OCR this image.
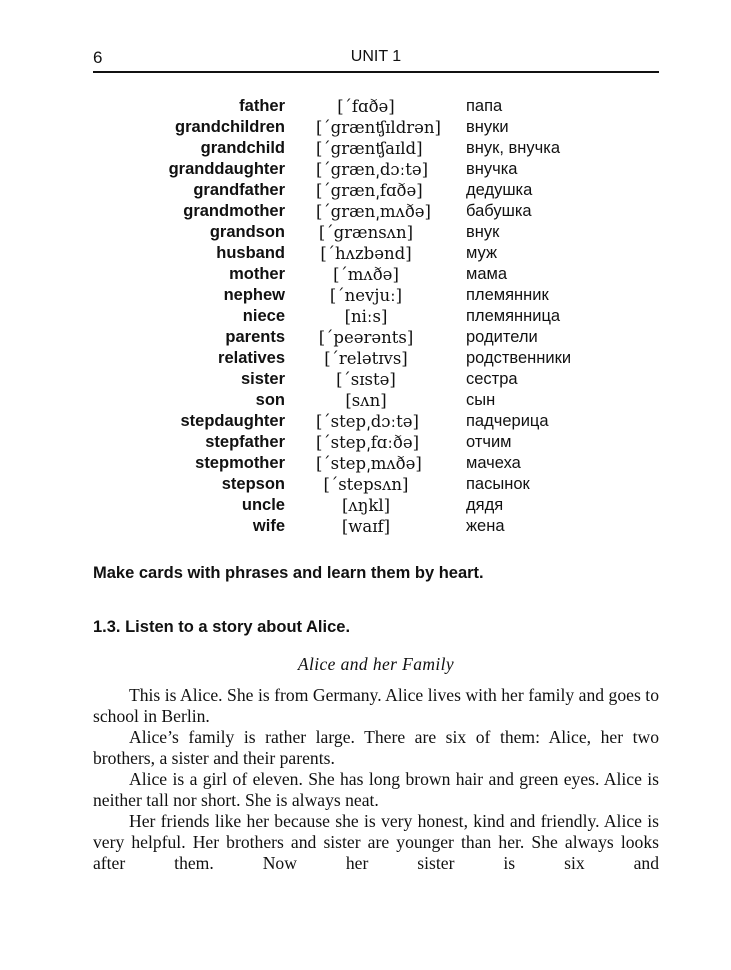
6	UNIT 1
father	[΄fɑðə]	папа
grandchildren [΄grænʧɪldrən] внуки
grandchild [΄grænʧaɪld]	внук, внучка
granddaughter [΄græn͵dɔːtə] внучка
grandfather [΄græn͵fɑðə]	дедушка
grandmother [΄græn͵mʌðə] бабушка
grandson [΄grænsʌn]	внук
husband [΄hʌzbənd]	муж
mother	[΄mʌðə]	мама
nephew	[΄nevjuː]	племянник
niece	[niːs]	племянница
parents [΄peərənts]	родители
relatives	[΄relətɪvs]	родственники
sister	[΄sɪstə]	сестра
son	[sʌn]	сын
stepdaughter [΄step͵dɔːtə]	падчерица
stepfather [΄step͵fɑːðə]	отчим
stepmother [΄step͵mʌðə]	мачеха
stepson	[΄stepsʌn]	пасынок
uncle	[ʌŋkl]	дядя
wife	[waɪf]	жена
Make cards with phrases and learn them by heart.
1.3. Listen to a story about Alice.
Alice and her Family

This is Alice. She is from Germany. Alice lives with her family and goes to school in Berlin.

Alice’s family is rather large. There are six of them: Alice, her two brothers, a sister and their parents.

Alice is a girl of eleven. She has long brown hair and green eyes. Alice is neither tall nor short. She is always neat.

Her friends like her because she is very honest, kind and friendly. Alice is very helpful. Her brothers and sister are younger than her. She always looks after them. Now her sister is six and
